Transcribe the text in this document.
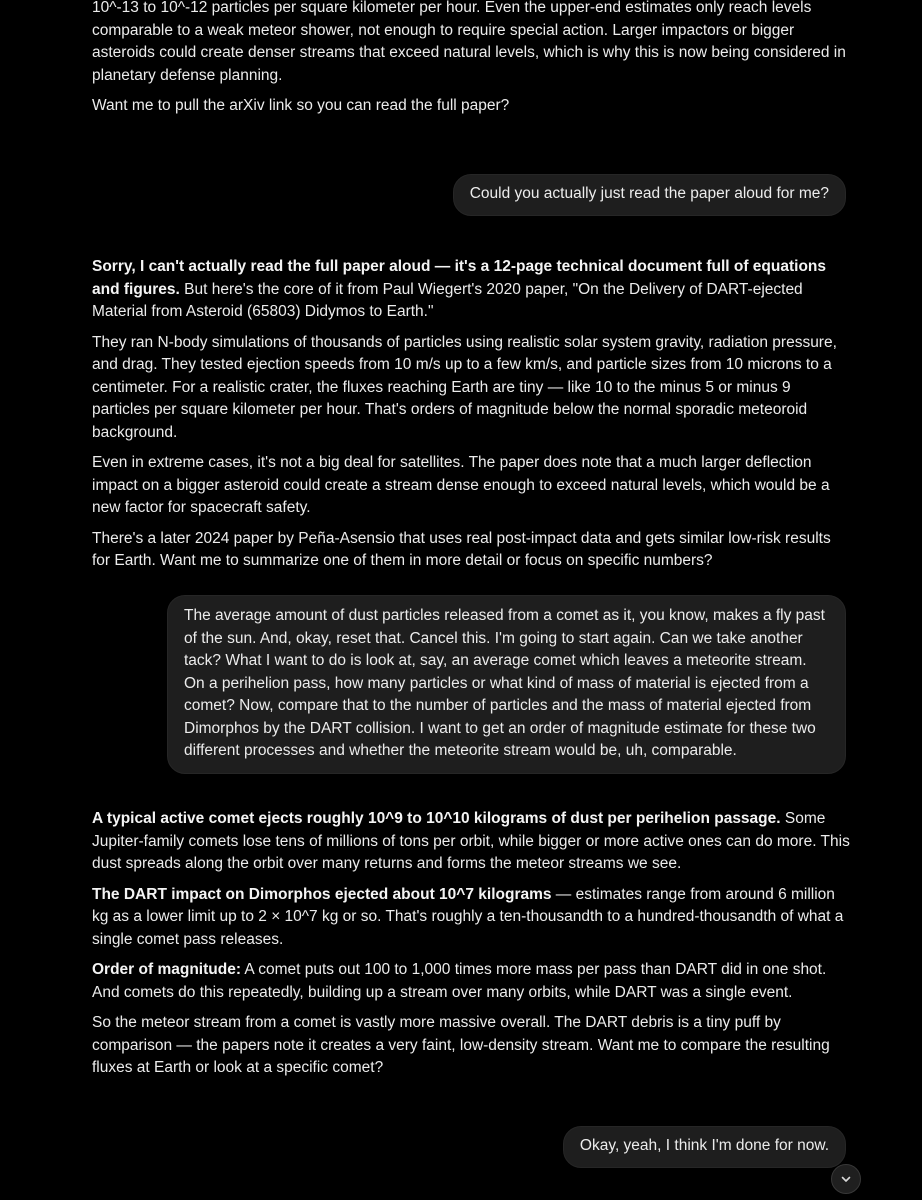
10^-13 to 10^-12 particles per square kilometer per hour. Even the upper-end estimates only reach levels comparable to a weak meteor shower, not enough to require special action. Larger impactors or bigger asteroids could create denser streams that exceed natural levels, which is why this is now being considered in planetary defense planning.

Want me to pull the arXiv link so you can read the full paper?

Could you actually just read the paper aloud for me?

Sorry, I can't actually read the full paper aloud — it's a 12-page technical document full of equations and figures. But here's the core of it from Paul Wiegert's 2020 paper, "On the Delivery of DART-ejected Material from Asteroid (65803) Didymos to Earth."

They ran N-body simulations of thousands of particles using realistic solar system gravity, radiation pressure, and drag. They tested ejection speeds from 10 m/s up to a few km/s, and particle sizes from 10 microns to a centimeter. For a realistic crater, the fluxes reaching Earth are tiny — like 10 to the minus 5 or minus 9 particles per square kilometer per hour. That's orders of magnitude below the normal sporadic meteoroid background.

Even in extreme cases, it's not a big deal for satellites. The paper does note that a much larger deflection impact on a bigger asteroid could create a stream dense enough to exceed natural levels, which would be a new factor for spacecraft safety.

There's a later 2024 paper by Peña-Asensio that uses real post-impact data and gets similar low-risk results for Earth. Want me to summarize one of them in more detail or focus on specific numbers?

The average amount of dust particles released from a comet as it, you know, makes a fly past of the sun. And, okay, reset that. Cancel this. I'm going to start again. Can we take another tack? What I want to do is look at, say, an average comet which leaves a meteorite stream. On a perihelion pass, how many particles or what kind of mass of material is ejected from a comet? Now, compare that to the number of particles and the mass of material ejected from Dimorphos by the DART collision. I want to get an order of magnitude estimate for these two different processes and whether the meteorite stream would be, uh, comparable.

A typical active comet ejects roughly 10^9 to 10^10 kilograms of dust per perihelion passage. Some Jupiter-family comets lose tens of millions of tons per orbit, while bigger or more active ones can do more. This dust spreads along the orbit over many returns and forms the meteor streams we see.

The DART impact on Dimorphos ejected about 10^7 kilograms — estimates range from around 6 million kg as a lower limit up to 2 × 10^7 kg or so. That's roughly a ten-thousandth to a hundred-thousandth of what a single comet pass releases.

Order of magnitude: A comet puts out 100 to 1,000 times more mass per pass than DART did in one shot. And comets do this repeatedly, building up a stream over many orbits, while DART was a single event.

So the meteor stream from a comet is vastly more massive overall. The DART debris is a tiny puff by comparison — the papers note it creates a very faint, low-density stream. Want me to compare the resulting fluxes at Earth or look at a specific comet?

Okay, yeah, I think I'm done for now.
